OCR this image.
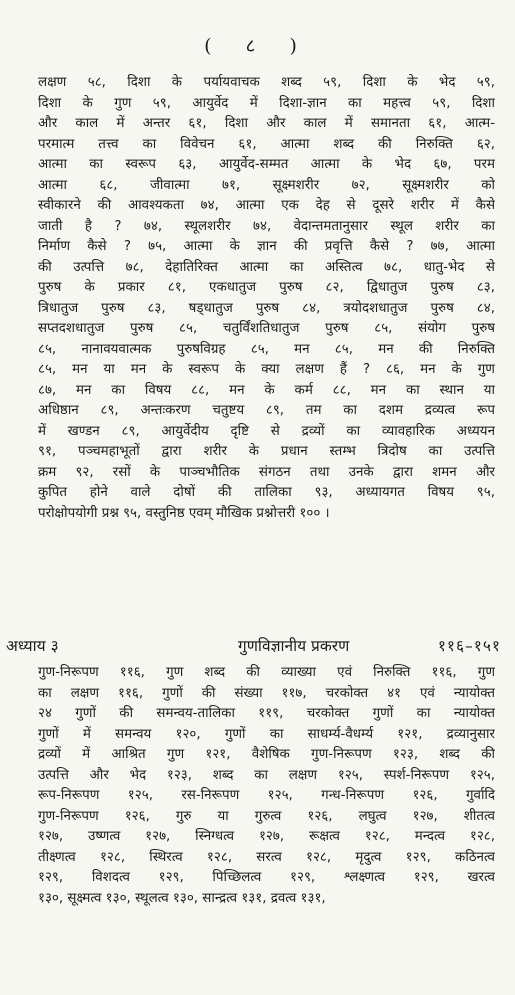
( ८ )
लक्षण ५८, दिशा के पर्यायवाचक शब्द ५९, दिशा के भेद ५९,
दिशा के गुण ५९, आयुर्वेद में दिशा-ज्ञान का महत्त्व ५९, दिशा
और काल में अन्तर ६१, दिशा और काल में समानता ६१, आत्म-
परमात्म तत्त्व का विवेचन ६१, आत्मा शब्द की निरुक्ति ६२,
आत्मा का स्वरूप ६३, आयुर्वेद-सम्मत आत्मा के भेद ६७, परम
आत्मा ६८, जीवात्मा ७१, सूक्ष्मशरीर ७२, सूक्ष्मशरीर को
स्वीकारने की आवश्यकता ७४, आत्मा एक देह से दूसरे शरीर में कैसे
जाती है ? ७४, स्थूलशरीर ७४, वेदान्तमतानुसार स्थूल शरीर का
निर्माण कैसे ? ७५, आत्मा के ज्ञान की प्रवृत्ति कैसे ? ७७, आत्मा
की उत्पत्ति ७८, देहातिरिक्त आत्मा का अस्तित्व ७८, धातु-भेद से
पुरुष के प्रकार ८१, एकधातुज पुरुष ८२, द्विधातुज पुरुष ८३,
त्रिधातुज पुरुष ८३, षड्धातुज पुरुष ८४, त्रयोदशधातुज पुरुष ८४,
सप्तदशधातुज पुरुष ८५, चतुर्विंशतिधातुज पुरुष ८५, संयोग पुरुष
८५, नानावयवात्मक पुरुषविग्रह ८५, मन ८५, मन की निरुक्ति
८५, मन या मन के स्वरूप के क्या लक्षण हैं ? ८६, मन के गुण
८७, मन का विषय ८८, मन के कर्म ८८, मन का स्थान या
अधिष्ठान ८९, अन्तःकरण चतुष्टय ८९, तम का दशम द्रव्यत्व रूप
में खण्डन ८९, आयुर्वेदीय दृष्टि से द्रव्यों का व्यावहारिक अध्ययन
९१, पञ्चमहाभूतों द्वारा शरीर के प्रधान स्तम्भ त्रिदोष का उत्पत्ति
क्रम ९२, रसों के पाञ्चभौतिक संगठन तथा उनके द्वारा शमन और
कुपित होने वाले दोषों की तालिका ९३, अध्यायगत विषय ९५,
परोक्षोपयोगी प्रश्न ९५, वस्तुनिष्ठ एवम् मौखिक प्रश्नोत्तरी १०० ।
अध्याय ३	गुणविज्ञानीय प्रकरण	११६–१५१
गुण-निरूपण ११६, गुण शब्द की व्याख्या एवं निरुक्ति ११६, गुण
का लक्षण ११६, गुणों की संख्या ११७, चरकोक्त ४१ एवं न्यायोक्त
२४ गुणों की समन्वय-तालिका ११९, चरकोक्त गुणों का न्यायोक्त
गुणों में समन्वय १२०, गुणों का साधर्म्य-वैधर्म्य १२१, द्रव्यानुसार
द्रव्यों में आश्रित गुण १२१, वैशेषिक गुण-निरूपण १२३, शब्द की
उत्पत्ति और भेद १२३, शब्द का लक्षण १२५, स्पर्श-निरूपण १२५,
रूप-निरूपण १२५, रस-निरूपण १२५, गन्ध-निरूपण १२६, गुर्वादि
गुण-निरूपण १२६, गुरु या गुरुत्व १२६, लघुत्व १२७, शीतत्व
१२७, उष्णत्व १२७, स्निग्धत्व १२७, रूक्षत्व १२८, मन्दत्व १२८,
तीक्ष्णत्व १२८, स्थिरत्व १२८, सरत्व १२८, मृदुत्व १२९, कठिनत्व
१२९, विशदत्व १२९, पिच्छिलत्व १२९, श्लक्ष्णत्व १२९, खरत्व
१३०, सूक्ष्मत्व १३०, स्थूलत्व १३०, सान्द्रत्व १३१, द्रवत्व १३१,
